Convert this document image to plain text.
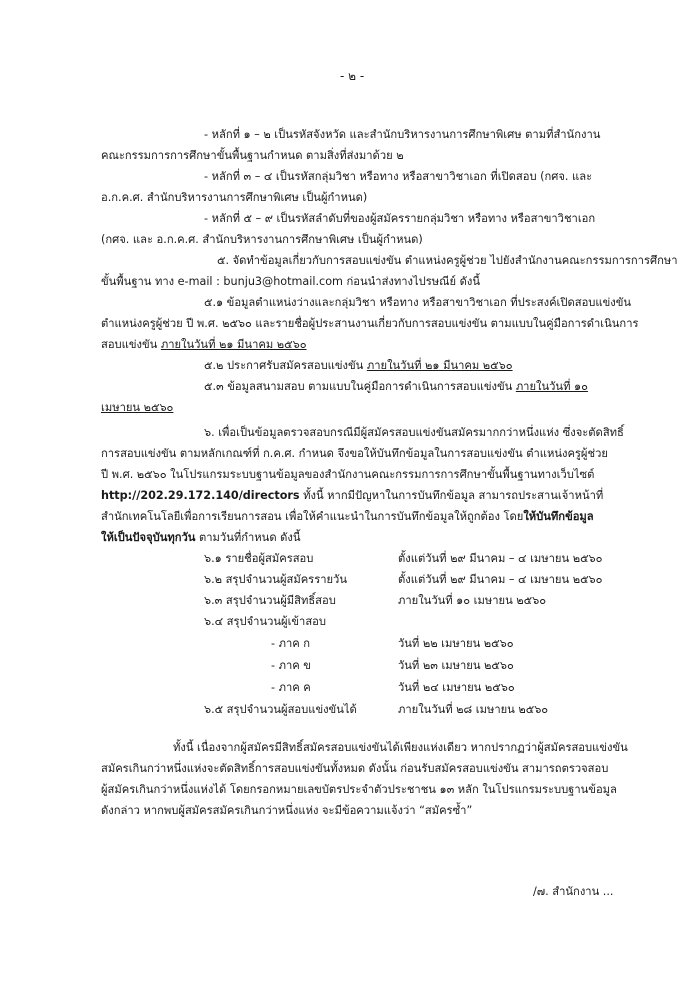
- ๒ -
- หลักที่ ๑ – ๒ เป็นรหัสจังหวัด และสำนักบริหารงานการศึกษาพิเศษ ตามที่สำนักงาน
คณะกรรมการการศึกษาขั้นพื้นฐานกำหนด ตามสิ่งที่ส่งมาด้วย ๒
- หลักที่ ๓ – ๔ เป็นรหัสกลุ่มวิชา หรือทาง หรือสาขาวิชาเอก ที่เปิดสอบ (กศจ. และ
อ.ก.ค.ศ. สำนักบริหารงานการศึกษาพิเศษ เป็นผู้กำหนด)
- หลักที่ ๕ – ๙ เป็นรหัสลำดับที่ของผู้สมัครรายกลุ่มวิชา หรือทาง หรือสาขาวิชาเอก
(กศจ. และ อ.ก.ค.ศ. สำนักบริหารงานการศึกษาพิเศษ เป็นผู้กำหนด)
๕. จัดทำข้อมูลเกี่ยวกับการสอบแข่งขัน ตำแหน่งครูผู้ช่วย ไปยังสำนักงานคณะกรรมการการศึกษา
ขั้นพื้นฐาน ทาง e-mail : bunju3@hotmail.com ก่อนนำส่งทางไปรษณีย์ ดังนี้
๕.๑ ข้อมูลตำแหน่งว่างและกลุ่มวิชา หรือทาง หรือสาขาวิชาเอก ที่ประสงค์เปิดสอบแข่งขัน
ตำแหน่งครูผู้ช่วย ปี พ.ศ. ๒๕๖๐ และรายชื่อผู้ประสานงานเกี่ยวกับการสอบแข่งขัน ตามแบบในคู่มือการดำเนินการ
สอบแข่งขัน ภายในวันที่ ๒๑ มีนาคม ๒๕๖๐
๕.๒ ประกาศรับสมัครสอบแข่งขัน ภายในวันที่ ๒๑ มีนาคม ๒๕๖๐
๕.๓ ข้อมูลสนามสอบ ตามแบบในคู่มือการดำเนินการสอบแข่งขัน ภายในวันที่ ๑๐
เมษายน ๒๕๖๐
๖. เพื่อเป็นข้อมูลตรวจสอบกรณีมีผู้สมัครสอบแข่งขันสมัครมากกว่าหนึ่งแห่ง ซึ่งจะตัดสิทธิ์
การสอบแข่งขัน ตามหลักเกณฑ์ที่ ก.ค.ศ. กำหนด จึงขอให้บันทึกข้อมูลในการสอบแข่งขัน ตำแหน่งครูผู้ช่วย
ปี พ.ศ. ๒๕๖๐ ในโปรแกรมระบบฐานข้อมูลของสำนักงานคณะกรรมการการศึกษาขั้นพื้นฐานทางเว็บไซต์
http://202.29.172.140/directors ทั้งนี้ หากมีปัญหาในการบันทึกข้อมูล สามารถประสานเจ้าหน้าที่
สำนักเทคโนโลยีเพื่อการเรียนการสอน เพื่อให้คำแนะนำในการบันทึกข้อมูลให้ถูกต้อง โดยให้บันทึกข้อมูล
ให้เป็นปัจจุบันทุกวัน ตามวันที่กำหนด ดังนี้
๖.๑ รายชื่อผู้สมัครสอบ	ตั้งแต่วันที่ ๒๙ มีนาคม – ๔ เมษายน ๒๕๖๐
๖.๒ สรุปจำนวนผู้สมัครรายวัน	ตั้งแต่วันที่ ๒๙ มีนาคม – ๔ เมษายน ๒๕๖๐
๖.๓ สรุปจำนวนผู้มีสิทธิ์สอบ	ภายในวันที่ ๑๐ เมษายน ๒๕๖๐
๖.๔ สรุปจำนวนผู้เข้าสอบ
- ภาค ก	วันที่ ๒๒ เมษายน ๒๕๖๐
- ภาค ข	วันที่ ๒๓ เมษายน ๒๕๖๐
- ภาค ค	วันที่ ๒๔ เมษายน ๒๕๖๐
๖.๕ สรุปจำนวนผู้สอบแข่งขันได้	ภายในวันที่ ๒๘ เมษายน ๒๕๖๐
ทั้งนี้ เนื่องจากผู้สมัครมีสิทธิ์สมัครสอบแข่งขันได้เพียงแห่งเดียว หากปรากฏว่าผู้สมัครสอบแข่งขัน
สมัครเกินกว่าหนึ่งแห่งจะตัดสิทธิ์การสอบแข่งขันทั้งหมด ดังนั้น ก่อนรับสมัครสอบแข่งขัน สามารถตรวจสอบ
ผู้สมัครเกินกว่าหนึ่งแห่งได้ โดยกรอกหมายเลขบัตรประจำตัวประชาชน ๑๓ หลัก ในโปรแกรมระบบฐานข้อมูล
ดังกล่าว หากพบผู้สมัครสมัครเกินกว่าหนึ่งแห่ง จะมีข้อความแจ้งว่า “สมัครซ้ำ”
/๗. สำนักงาน ...
